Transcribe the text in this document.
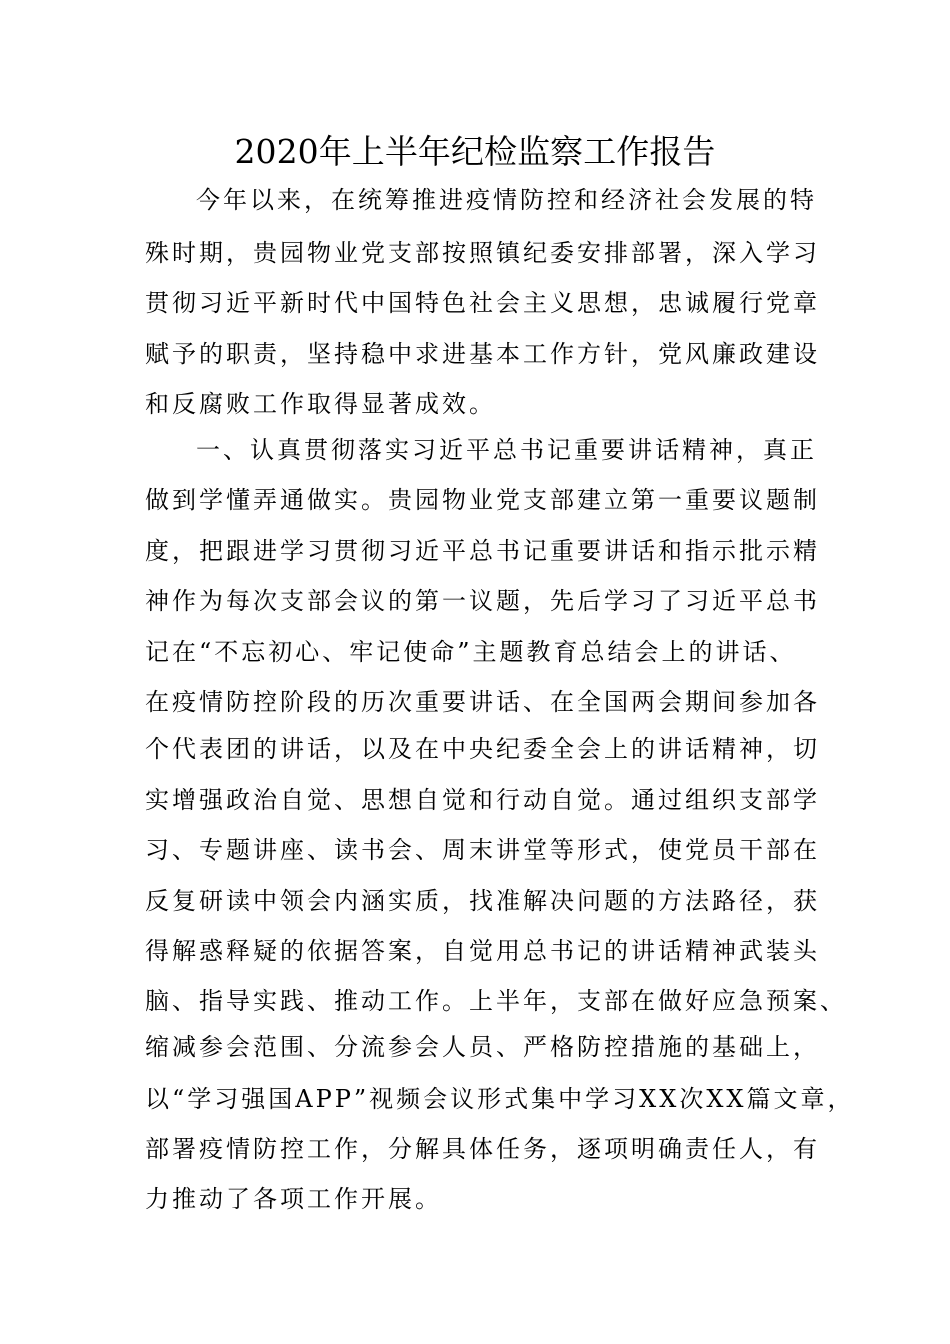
2020年上半年纪检监察工作报告
今年以来，在统筹推进疫情防控和经济社会发展的特
殊时期，贵园物业党支部按照镇纪委安排部署，深入学习
贯彻习近平新时代中国特色社会主义思想，忠诚履行党章
赋予的职责，坚持稳中求进基本工作方针，党风廉政建设
和反腐败工作取得显著成效。
一、认真贯彻落实习近平总书记重要讲话精神，真正
做到学懂弄通做实。贵园物业党支部建立第一重要议题制
度，把跟进学习贯彻习近平总书记重要讲话和指示批示精
神作为每次支部会议的第一议题，先后学习了习近平总书
记在“不忘初心、牢记使命”主题教育总结会上的讲话、
在疫情防控阶段的历次重要讲话、在全国两会期间参加各
个代表团的讲话，以及在中央纪委全会上的讲话精神，切
实增强政治自觉、思想自觉和行动自觉。通过组织支部学
习、专题讲座、读书会、周末讲堂等形式，使党员干部在
反复研读中领会内涵实质，找准解决问题的方法路径，获
得解惑释疑的依据答案，自觉用总书记的讲话精神武装头
脑、指导实践、推动工作。上半年，支部在做好应急预案、
缩减参会范围、分流参会人员、严格防控措施的基础上，
以“学习强国APP”视频会议形式集中学习XX次XX篇文章，
部署疫情防控工作，分解具体任务，逐项明确责任人，有
力推动了各项工作开展。
